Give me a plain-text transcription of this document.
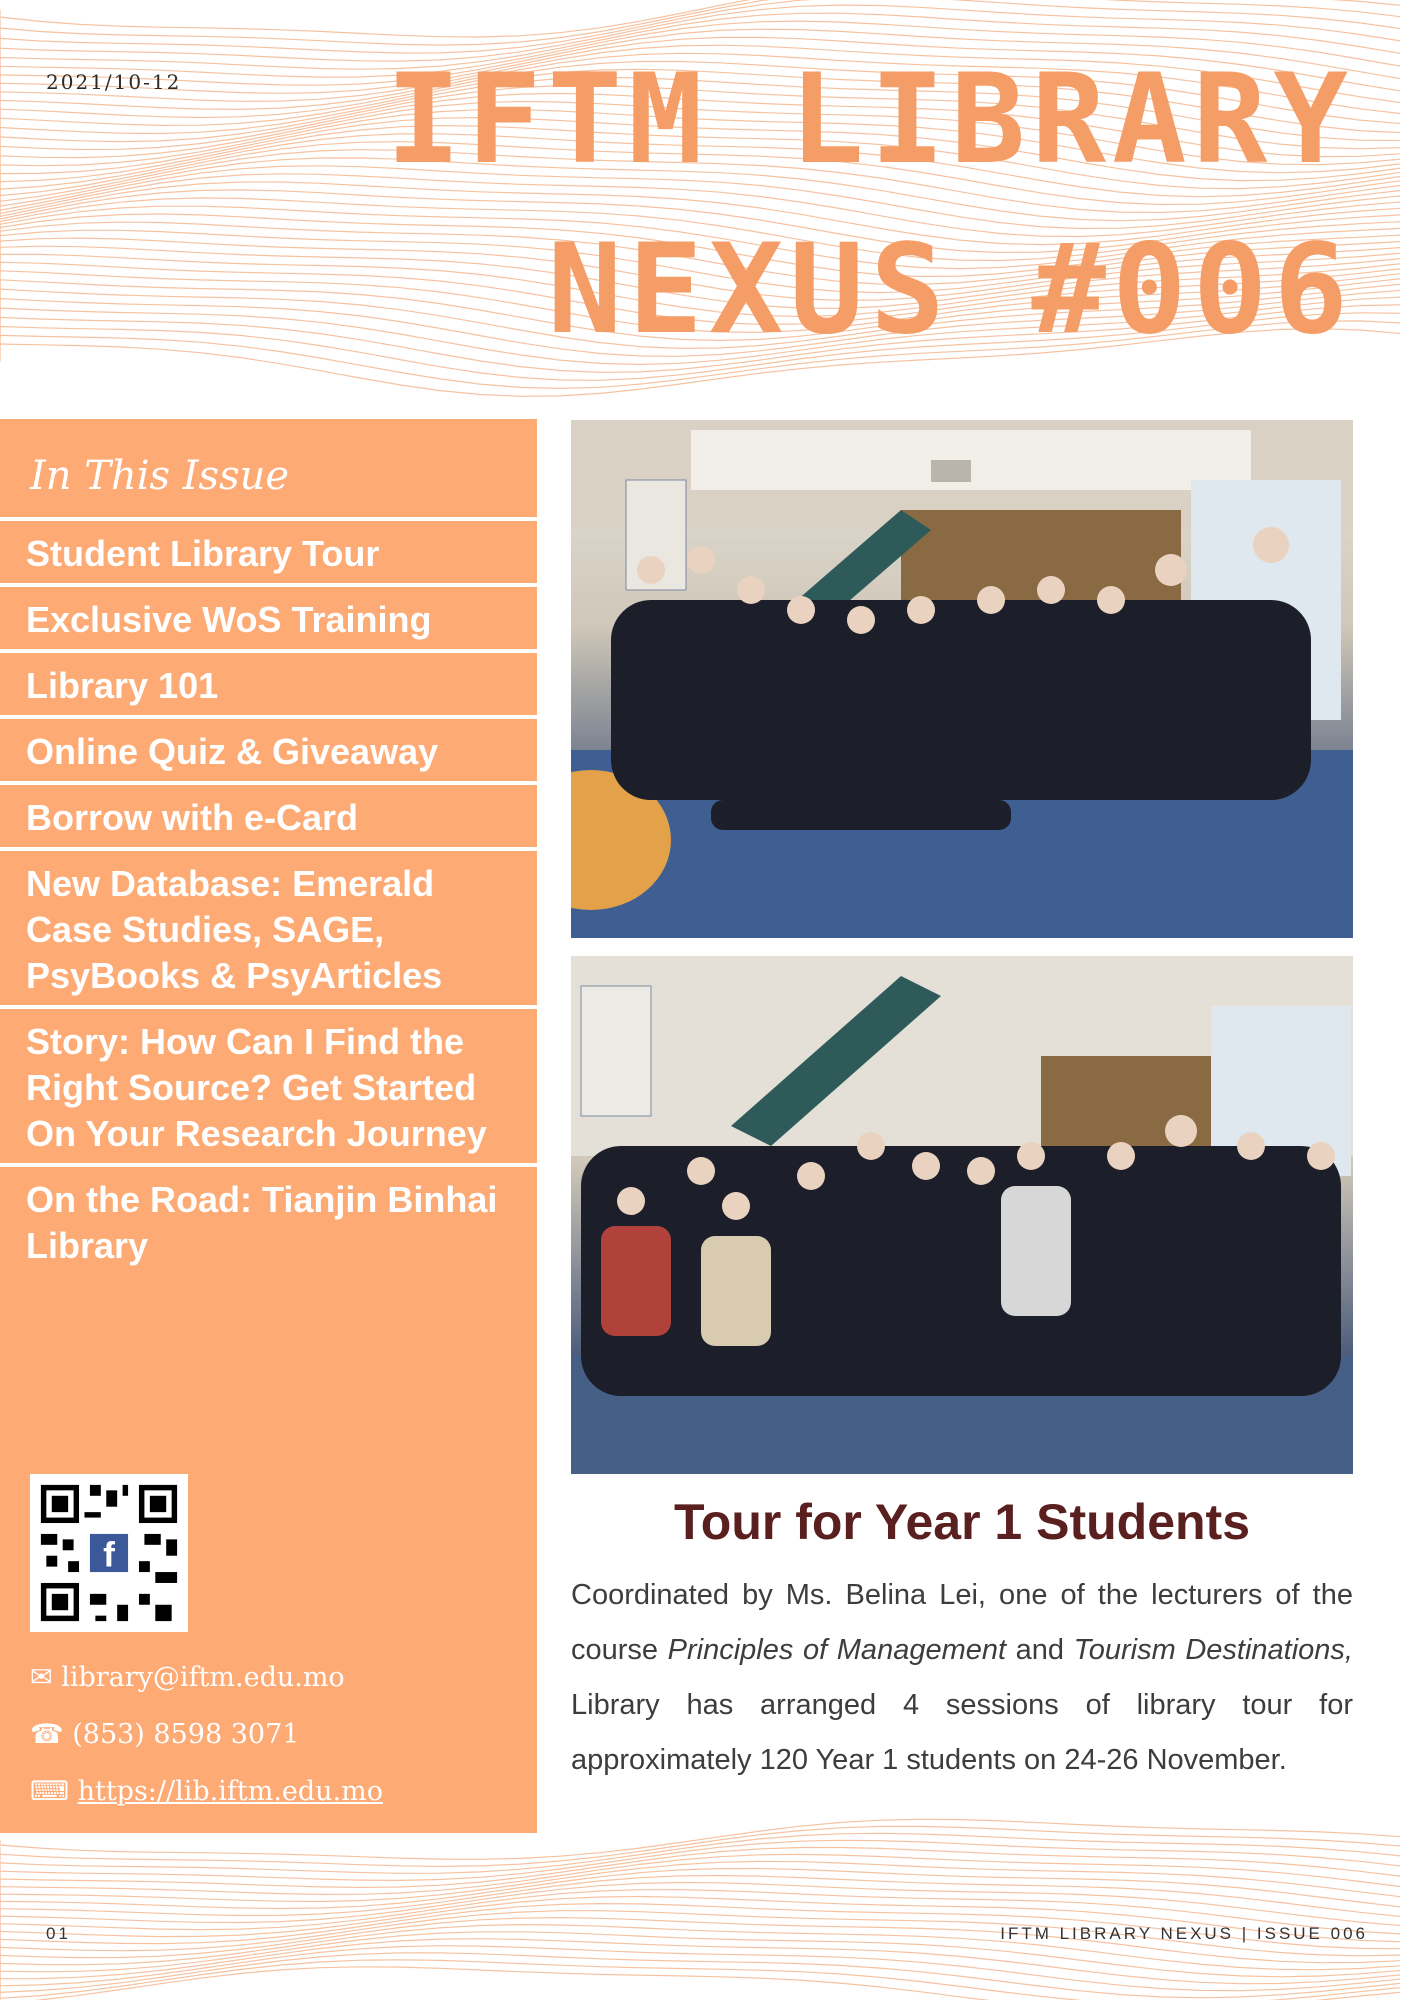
2021/10-12 IFTM LIBRARY
NEXUS #006
In This Issue
Student Library Tour
Exclusive WoS Training
Library 101
Online Quiz & Giveaway
Borrow with e-Card
New Database: Emerald Case Studies, SAGE, PsyBooks & PsyArticles
Story: How Can I Find the Right Source? Get Started On Your Research Journey
On the Road: Tianjin Binhai Library
f
✉ library@iftm.edu.mo
☎ (853) 8598 3071
⌨ https://lib.iftm.edu.mo
Tour for Year 1 Students

Coordinated by Ms. Belina Lei, one of the lecturers of the course Principles of Management and Tourism Destinations, Library has arranged 4 sessions of library tour for approximately 120 Year 1 students on 24-26 November.

01	IFTM LIBRARY NEXUS | ISSUE 006
